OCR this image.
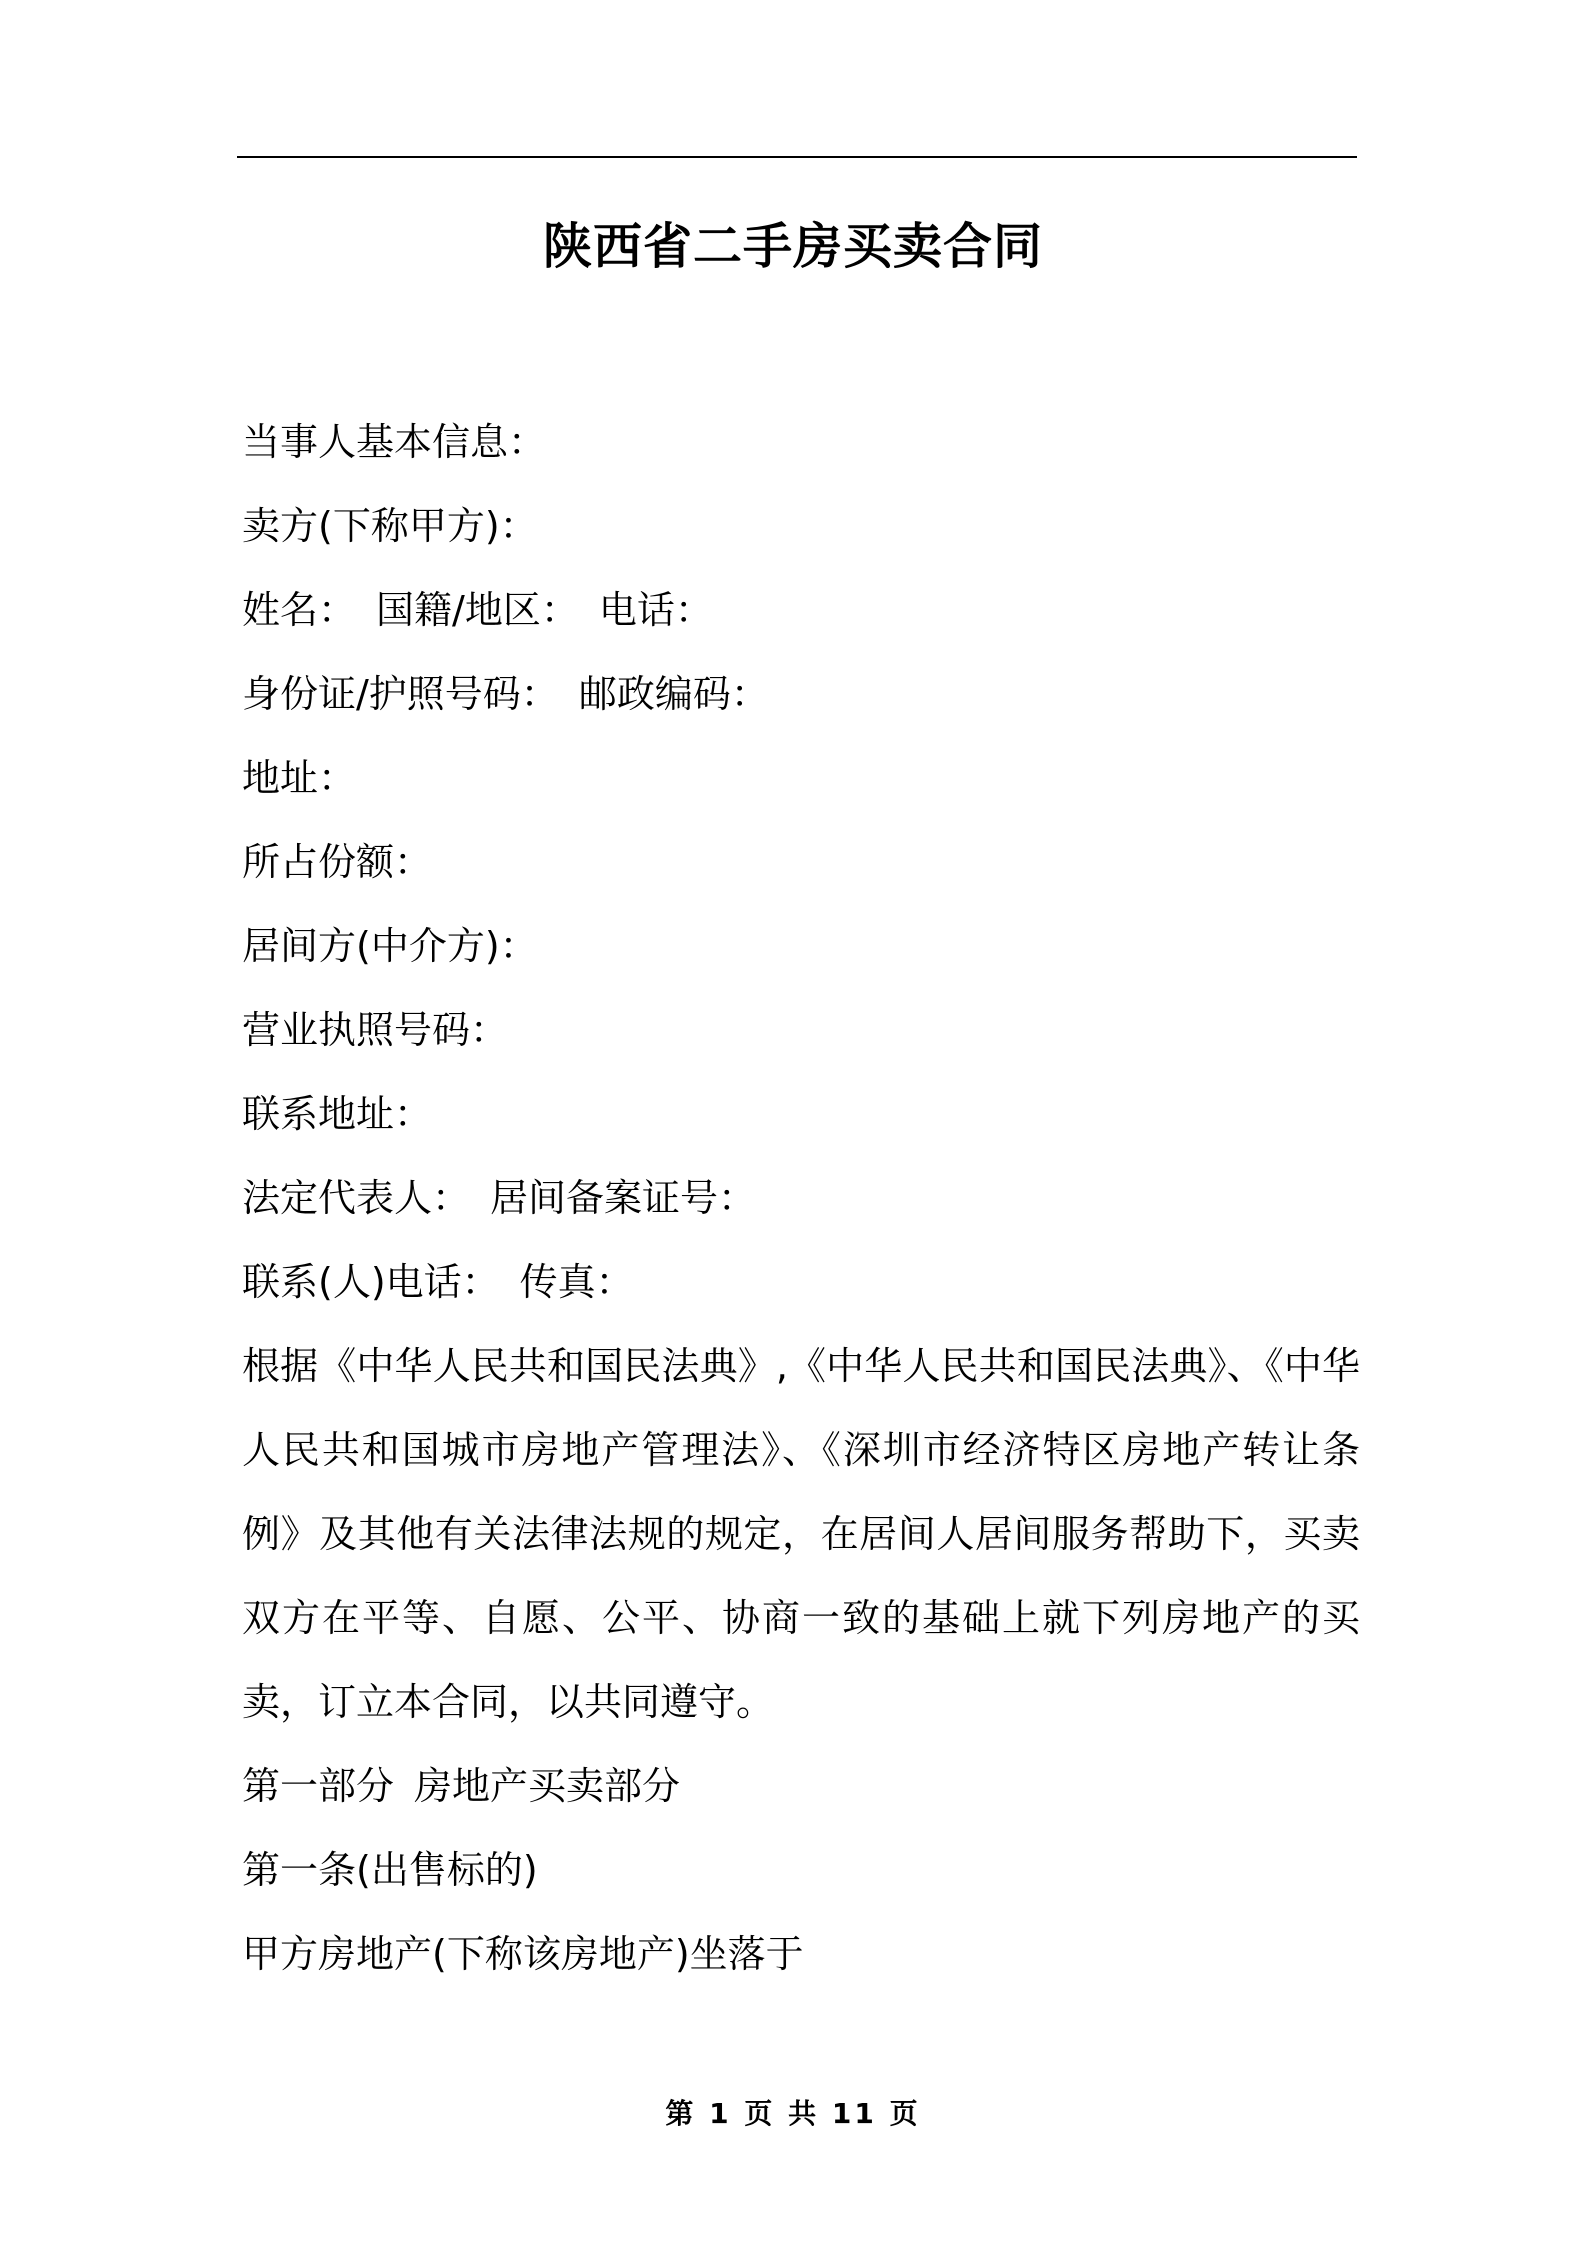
陕西省二手房买卖合同
当事人基本信息：
卖方(下称甲方)：
姓名： 国籍/地区： 电话：
身份证/护照号码： 邮政编码：
地址：
所占份额：
居间方(中介方)：
营业执照号码：
联系地址：
法定代表人： 居间备案证号：
联系(人)电话： 传真：
根据《中华人民共和国民法典》,《中华人民共和国民法典》、《中华人民共和国城市房地产管理法》、《深圳市经济特区房地产转让条例》及其他有关法律法规的规定，在居间人居间服务帮助下，买卖双方在平等、自愿、公平、协商一致的基础上就下列房地产的买卖，订立本合同，以共同遵守。
第一部分 房地产买卖部分
第一条(出售标的)
甲方房地产(下称该房地产)坐落于
第 1 页 共 11 页
